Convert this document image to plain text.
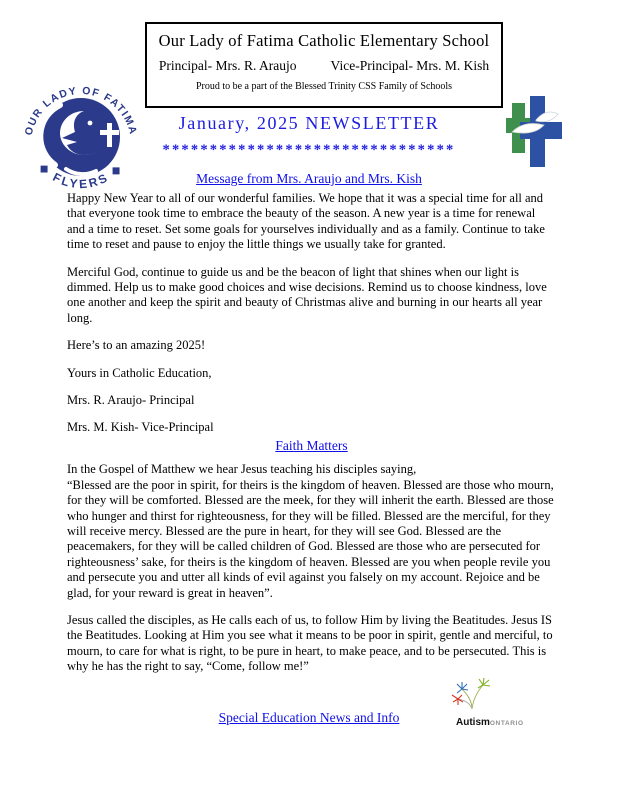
Our Lady of Fatima Catholic Elementary School
Principal- Mrs. R. Araujo	Vice-Principal- Mrs. M. Kish
Proud to be a part of the Blessed Trinity CSS Family of Schools
OUR LADY OF FATIMA
◆ FLYERS ◆
January, 2025 NEWSLETTER
*******************************
Message from Mrs. Araujo and Mrs. Kish

Happy New Year to all of our wonderful families. We hope that it was a special time for all and that everyone took time to embrace the beauty of the season. A new year is a time for renewal and a time to reset. Set some goals for yourselves individually and as a family. Continue to take time to reset and pause to enjoy the little things we usually take for granted.

Merciful God, continue to guide us and be the beacon of light that shines when our light is dimmed. Help us to make good choices and wise decisions. Remind us to choose kindness, love one another and keep the spirit and beauty of Christmas alive and burning in our hearts all year long.

Here’s to an amazing 2025!

Yours in Catholic Education,

Mrs. R. Araujo- Principal

Mrs. M. Kish- Vice-Principal

Faith Matters

In the Gospel of Matthew we hear Jesus teaching his disciples saying,
“Blessed are the poor in spirit, for theirs is the kingdom of heaven. Blessed are those who mourn, for they will be comforted. Blessed are the meek, for they will inherit the earth. Blessed are those who hunger and thirst for righteousness, for they will be filled. Blessed are the merciful, for they will receive mercy. Blessed are the pure in heart, for they will see God. Blessed are the peacemakers, for they will be called children of God. Blessed are those who are persecuted for righteousness’ sake, for theirs is the kingdom of heaven. Blessed are you when people revile you and persecute you and utter all kinds of evil against you falsely on my account. Rejoice and be glad, for your reward is great in heaven”.

Jesus called the disciples, as He calls each of us, to follow Him by living the Beatitudes. Jesus IS the Beatitudes. Looking at Him you see what it means to be poor in spirit, gentle and merciful, to mourn, to care for what is right, to be pure in heart, to make peace, and to be persecuted. This is why he has the right to say, “Come, follow me!”

Special Education News and Info	AutismONTARIO
